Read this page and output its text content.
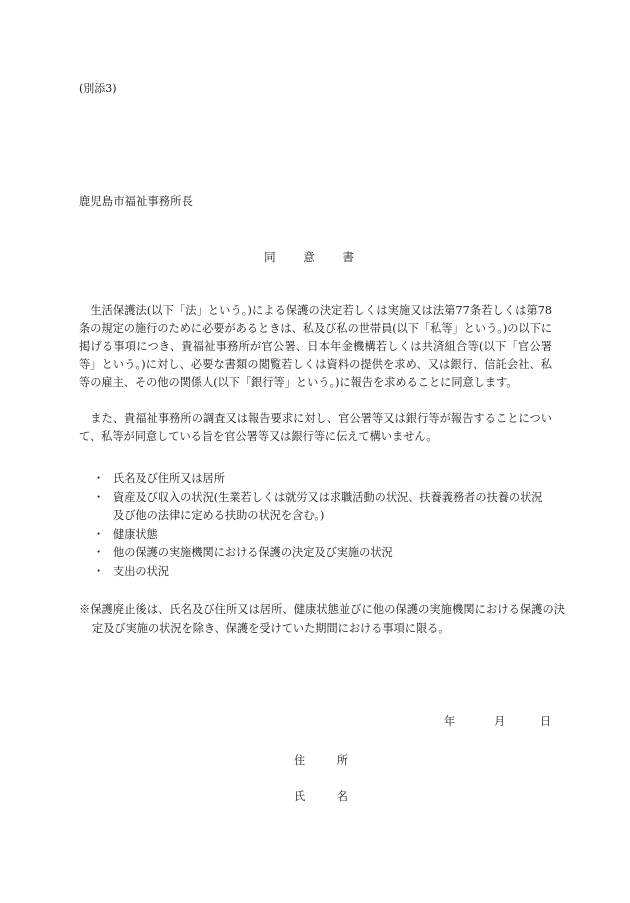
(別添3)
鹿児島市福祉事務所長
同 意 書
　生活保護法(以下「法」という。)による保護の決定若しくは実施又は法第77条若しくは第78条の規定の施行のために必要があるときは、私及び私の世帯員(以下「私等」という。)の以下に掲げる事項につき、貴福祉事務所が官公署、日本年金機構若しくは共済組合等(以下「官公署等」という。)に対し、必要な書類の閲覧若しくは資料の提供を求め、又は銀行、信託会社、私等の雇主、その他の関係人(以下「銀行等」という。)に報告を求めることに同意します。
　また、貴福祉事務所の調査又は報告要求に対し、官公署等又は銀行等が報告することについて、私等が同意している旨を官公署等又は銀行等に伝えて構いません。
・ 氏名及び住所又は居所
・ 資産及び収入の状況(生業若しくは就労又は求職活動の状況、扶養義務者の扶養の状況及び他の法律に定める扶助の状況を含む。)
・ 健康状態
・ 他の保護の実施機関における保護の決定及び実施の状況
・ 支出の状況
※保護廃止後は、氏名及び住所又は居所、健康状態並びに他の保護の実施機関における保護の決定及び実施の状況を除き、保護を受けていた期間における事項に限る。
年	月	日
住 所
氏 名
